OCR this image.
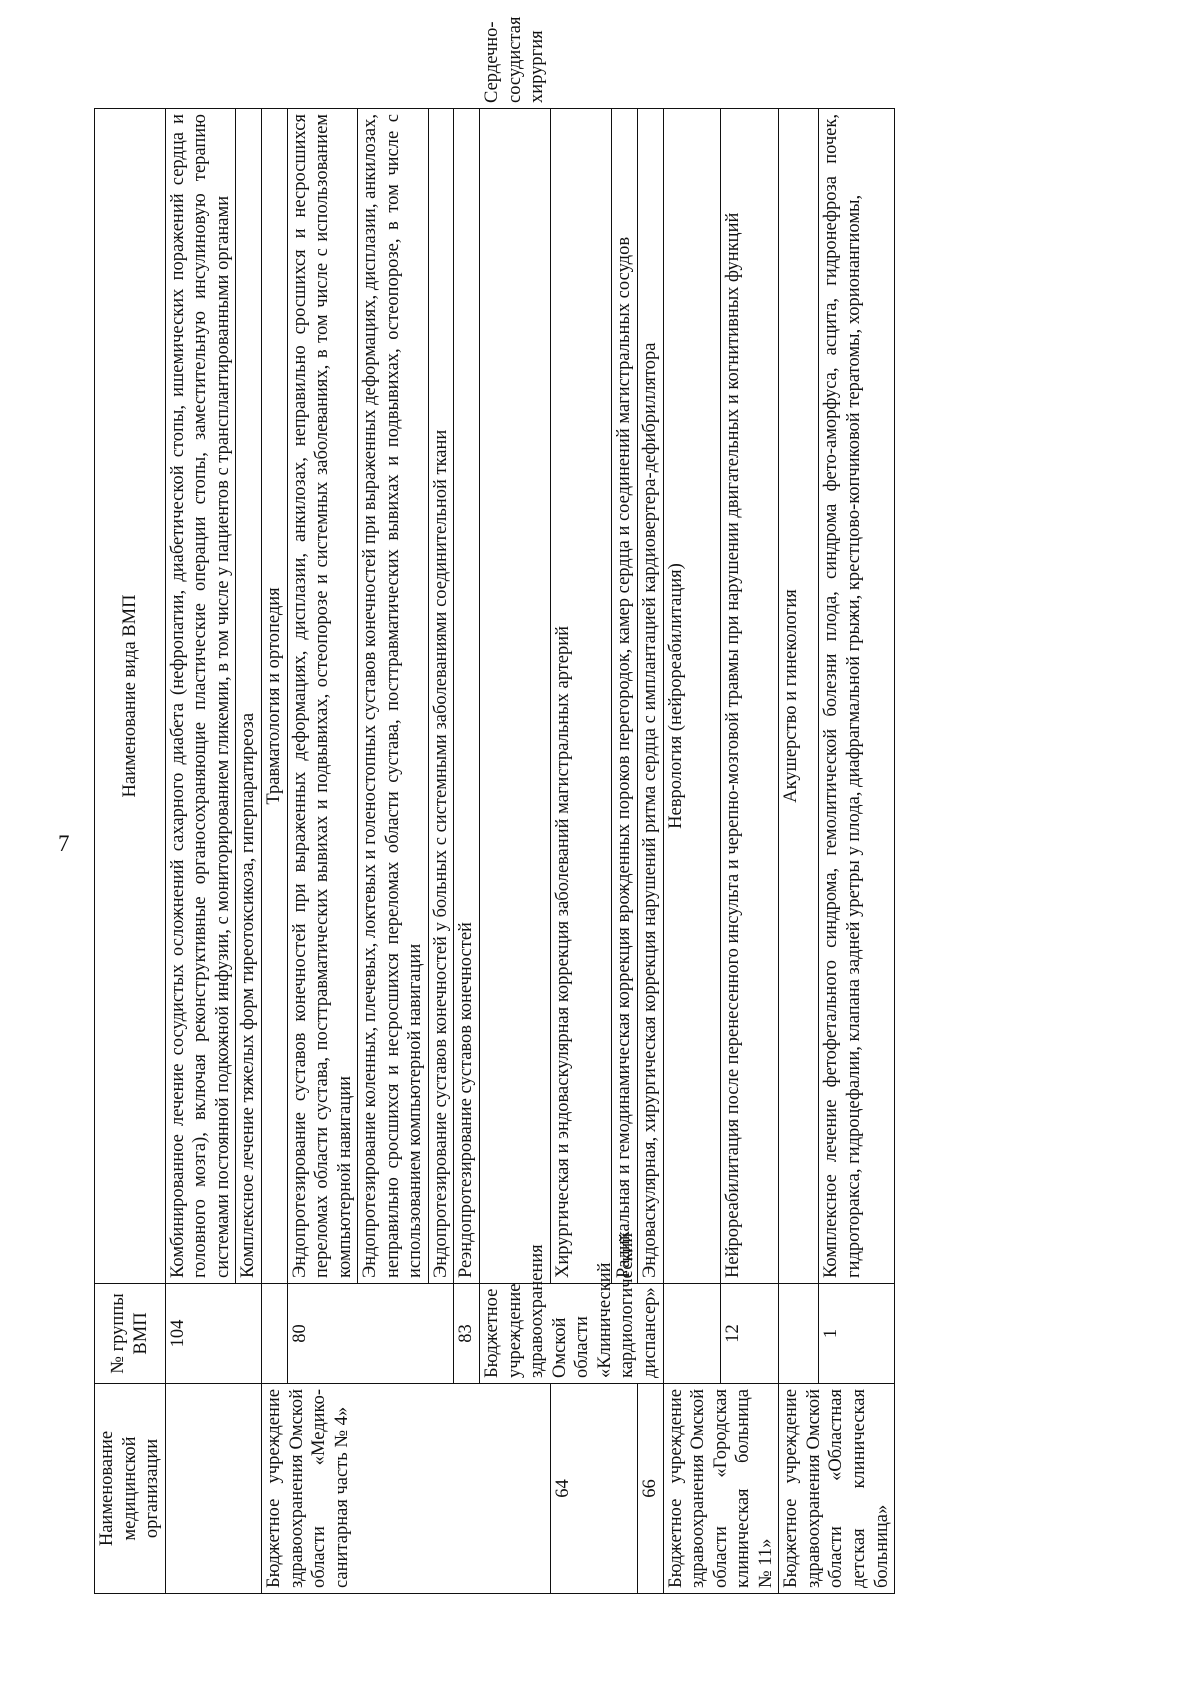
7
Наименование медицинской организации	№ группы ВМП	Наименование вида ВМП	
	104	Комбинированное лечение сосудистых осложнений сахарного диабета (нефропатии, диабетической стопы, ишемических поражений сердца и головного мозга), включая реконструктивные органосохраняющие пластические операции стопы, заместительную инсулиновую терапию системами постоянной подкожной инфузии, с мониторированием гликемии, в том числе у пациентов с трансплантированными органами	
		Комплексное лечение тяжелых форм тиреотоксикоза, гиперпаратиреоза	
Бюджетное учреждение здравоохранения Омской области «Медико-санитарная часть № 4»		Травматология и ортопедия	
	80	Эндопротезирование суставов конечностей при выраженных деформациях, дисплазии, анкилозах, неправильно сросшихся и несросшихся переломах области сустава, посттравматических вывихах и подвывихах, остеопорозе и системных заболеваниях, в том числе с использованием компьютерной навигации	
		Эндопротезирование коленных, плечевых, локтевых и голеностопных суставов конечностей при выраженных деформациях, дисплазии, анкилозах, неправильно сросшихся и несросшихся переломах области сустава, посттравматических вывихах и подвывихах, остеопорозе, в том числе с использованием компьютерной навигации	
		Эндопротезирование суставов конечностей у больных с системными заболеваниями соединительной ткани	
	83	Реэндопротезирование суставов конечностей	
	Бюджетное учреждение здравоохранения Омской области «Клинический кардиологический диспансер»		Сердечно-сосудистая хирургия
64		Хирургическая и эндоваскулярная коррекция заболеваний магистральных артерий	
		Радикальная и гемодинамическая коррекция врожденных пороков перегородок, камер сердца и соединений магистральных сосудов	
66		Эндоваскулярная, хирургическая коррекция нарушений ритма сердца с имплантацией кардиовертера-дефибриллятора	
Бюджетное учреждение здравоохранения Омской области «Городская клиническая больница № 11»		Неврология (нейрореабилитация)	
	12	Нейрореабилитация после перенесенного инсульта и черепно-мозговой травмы при нарушении двигательных и когнитивных функций	
Бюджетное учреждение здравоохранения Омской области «Областная детская клиническая больница»		Акушерство и гинекология	
	1	Комплексное лечение фетофетального синдрома, гемолитической болезни плода, синдрома фето-аморфуса, асцита, гидронефроза почек, гидроторакса, гидроцефалии, клапана задней уретры у плода, диафрагмальной грыжи, крестцово-копчиковой тератомы, хорионангиомы,	
